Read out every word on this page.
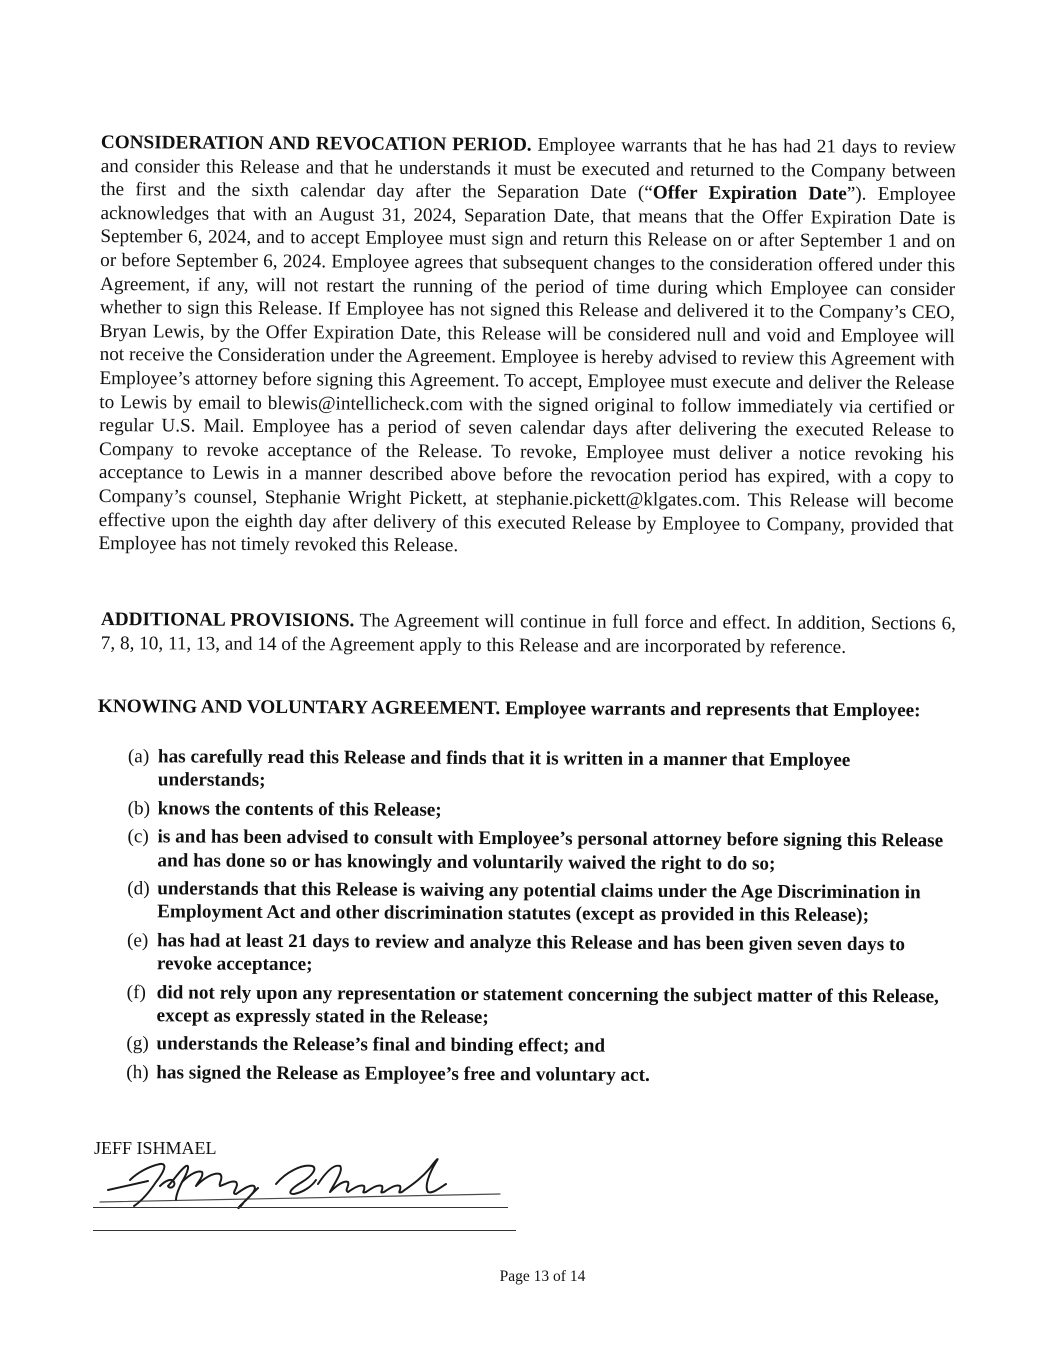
CONSIDERATION AND REVOCATION PERIOD. Employee warrants that he has had 21 days to review and consider this Release and that he understands it must be executed and returned to the Company between the first and the sixth calendar day after the Separation Date (“Offer Expiration Date”). Employee acknowledges that with an August 31, 2024, Separation Date, that means that the Offer Expiration Date is September 6, 2024, and to accept Employee must sign and return this Release on or after September 1 and on or before September 6, 2024. Employee agrees that subsequent changes to the consideration offered under this Agreement, if any, will not restart the running of the period of time during which Employee can consider whether to sign this Release. If Employee has not signed this Release and delivered it to the Company’s CEO, Bryan Lewis, by the Offer Expiration Date, this Release will be considered null and void and Employee will not receive the Consideration under the Agreement. Employee is hereby advised to review this Agreement with Employee’s attorney before signing this Agreement. To accept, Employee must execute and deliver the Release to Lewis by email to blewis@intellicheck.com with the signed original to follow immediately via certified or regular U.S. Mail. Employee has a period of seven calendar days after delivering the executed Release to Company to revoke acceptance of the Release. To revoke, Employee must deliver a notice revoking his acceptance to Lewis in a manner described above before the revocation period has expired, with a copy to Company’s counsel, Stephanie Wright Pickett, at stephanie.pickett@klgates.com. This Release will become effective upon the eighth day after delivery of this executed Release by Employee to Company, provided that Employee has not timely revoked this Release.

ADDITIONAL PROVISIONS. The Agreement will continue in full force and effect. In addition, Sections 6, 7, 8, 10, 11, 13, and 14 of the Agreement apply to this Release and are incorporated by reference.

KNOWING AND VOLUNTARY AGREEMENT. Employee warrants and represents that Employee:

(a) has carefully read this Release and finds that it is written in a manner that Employee understands;
(b) knows the contents of this Release;
(c) is and has been advised to consult with Employee’s personal attorney before signing this Release and has done so or has knowingly and voluntarily waived the right to do so;
(d) understands that this Release is waiving any potential claims under the Age Discrimination in Employment Act and other discrimination statutes (except as provided in this Release);
(e) has had at least 21 days to review and analyze this Release and has been given seven days to revoke acceptance;
(f) did not rely upon any representation or statement concerning the subject matter of this Release, except as expressly stated in the Release;
(g) understands the Release’s final and binding effect; and
(h) has signed the Release as Employee’s free and voluntary act.
JEFF ISHMAEL
Page 13 of 14
